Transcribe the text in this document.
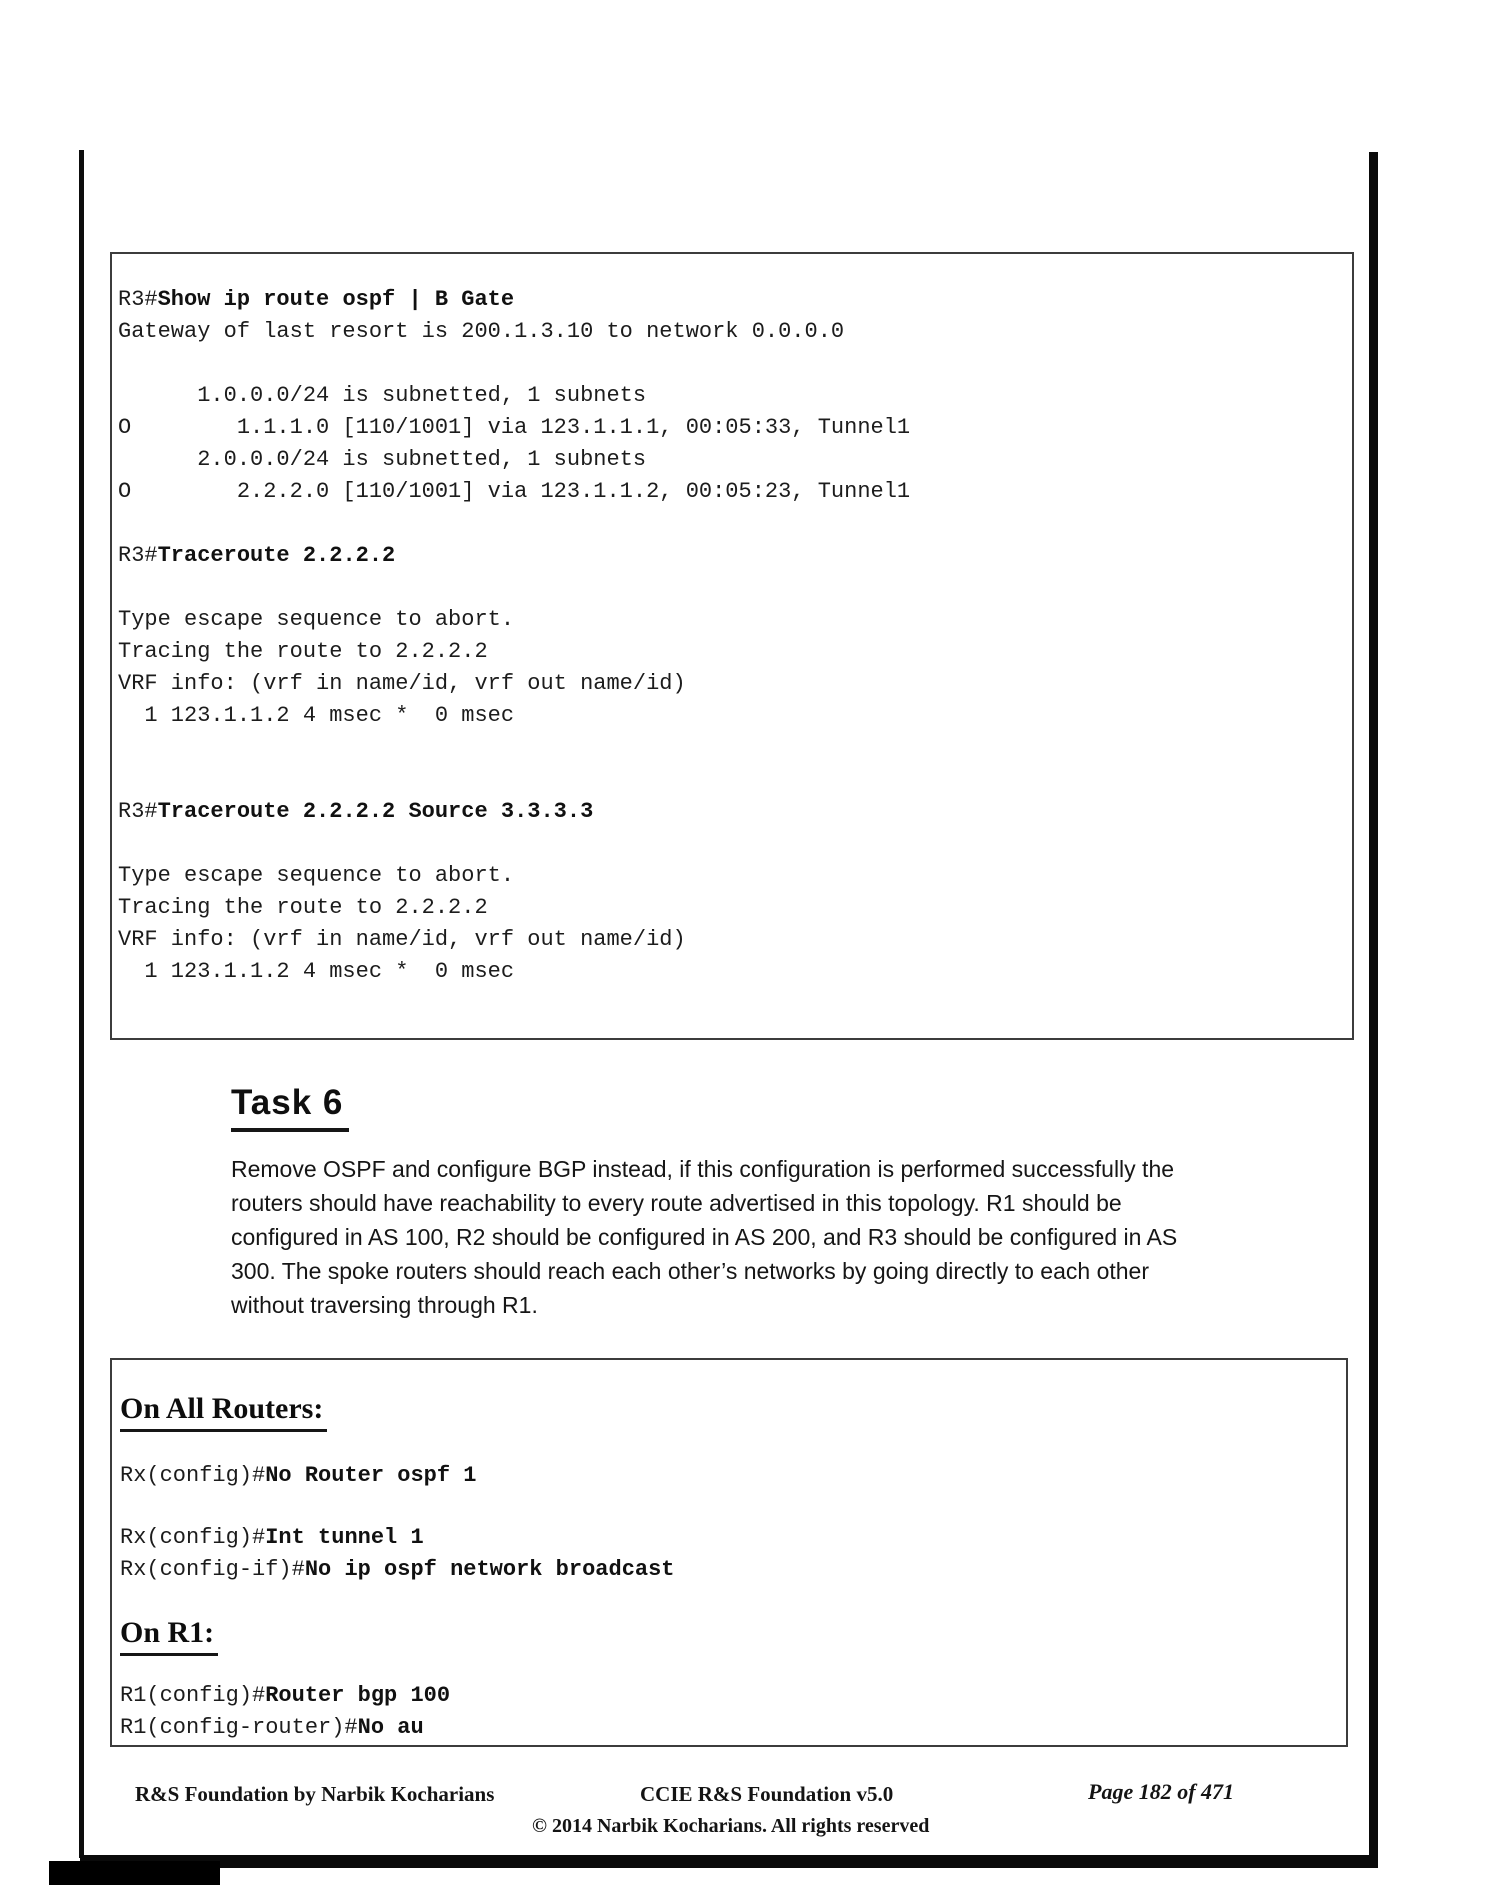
R3#Show ip route ospf | B Gate
Gateway of last resort is 200.1.3.10 to network 0.0.0.0
1.0.0.0/24 is subnetted, 1 subnets
O        1.1.1.0 [110/1001] via 123.1.1.1, 00:05:33, Tunnel1
2.0.0.0/24 is subnetted, 1 subnets
O        2.2.2.0 [110/1001] via 123.1.1.2, 00:05:23, Tunnel1
R3#Traceroute 2.2.2.2
Type escape sequence to abort.
Tracing the route to 2.2.2.2
VRF info: (vrf in name/id, vrf out name/id)
1 123.1.1.2 4 msec *  0 msec
R3#Traceroute 2.2.2.2 Source 3.3.3.3
Type escape sequence to abort.
Tracing the route to 2.2.2.2
VRF info: (vrf in name/id, vrf out name/id)
1 123.1.1.2 4 msec *  0 msec
Task 6
Remove OSPF and configure BGP instead, if this configuration is performed successfully the
routers should have reachability to every route advertised in this topology. R1 should be
configured in AS 100, R2 should be configured in AS 200, and R3 should be configured in AS
300. The spoke routers should reach each other’s networks by going directly to each other
without traversing through R1.
On All Routers:
Rx(config)#No Router ospf 1
Rx(config)#Int tunnel 1
Rx(config-if)#No ip ospf network broadcast
On R1:
R1(config)#Router bgp 100
R1(config-router)#No au
R&S Foundation by Narbik Kocharians	CCIE R&S Foundation v5.0	Page 182 of 471
© 2014 Narbik Kocharians. All rights reserved
